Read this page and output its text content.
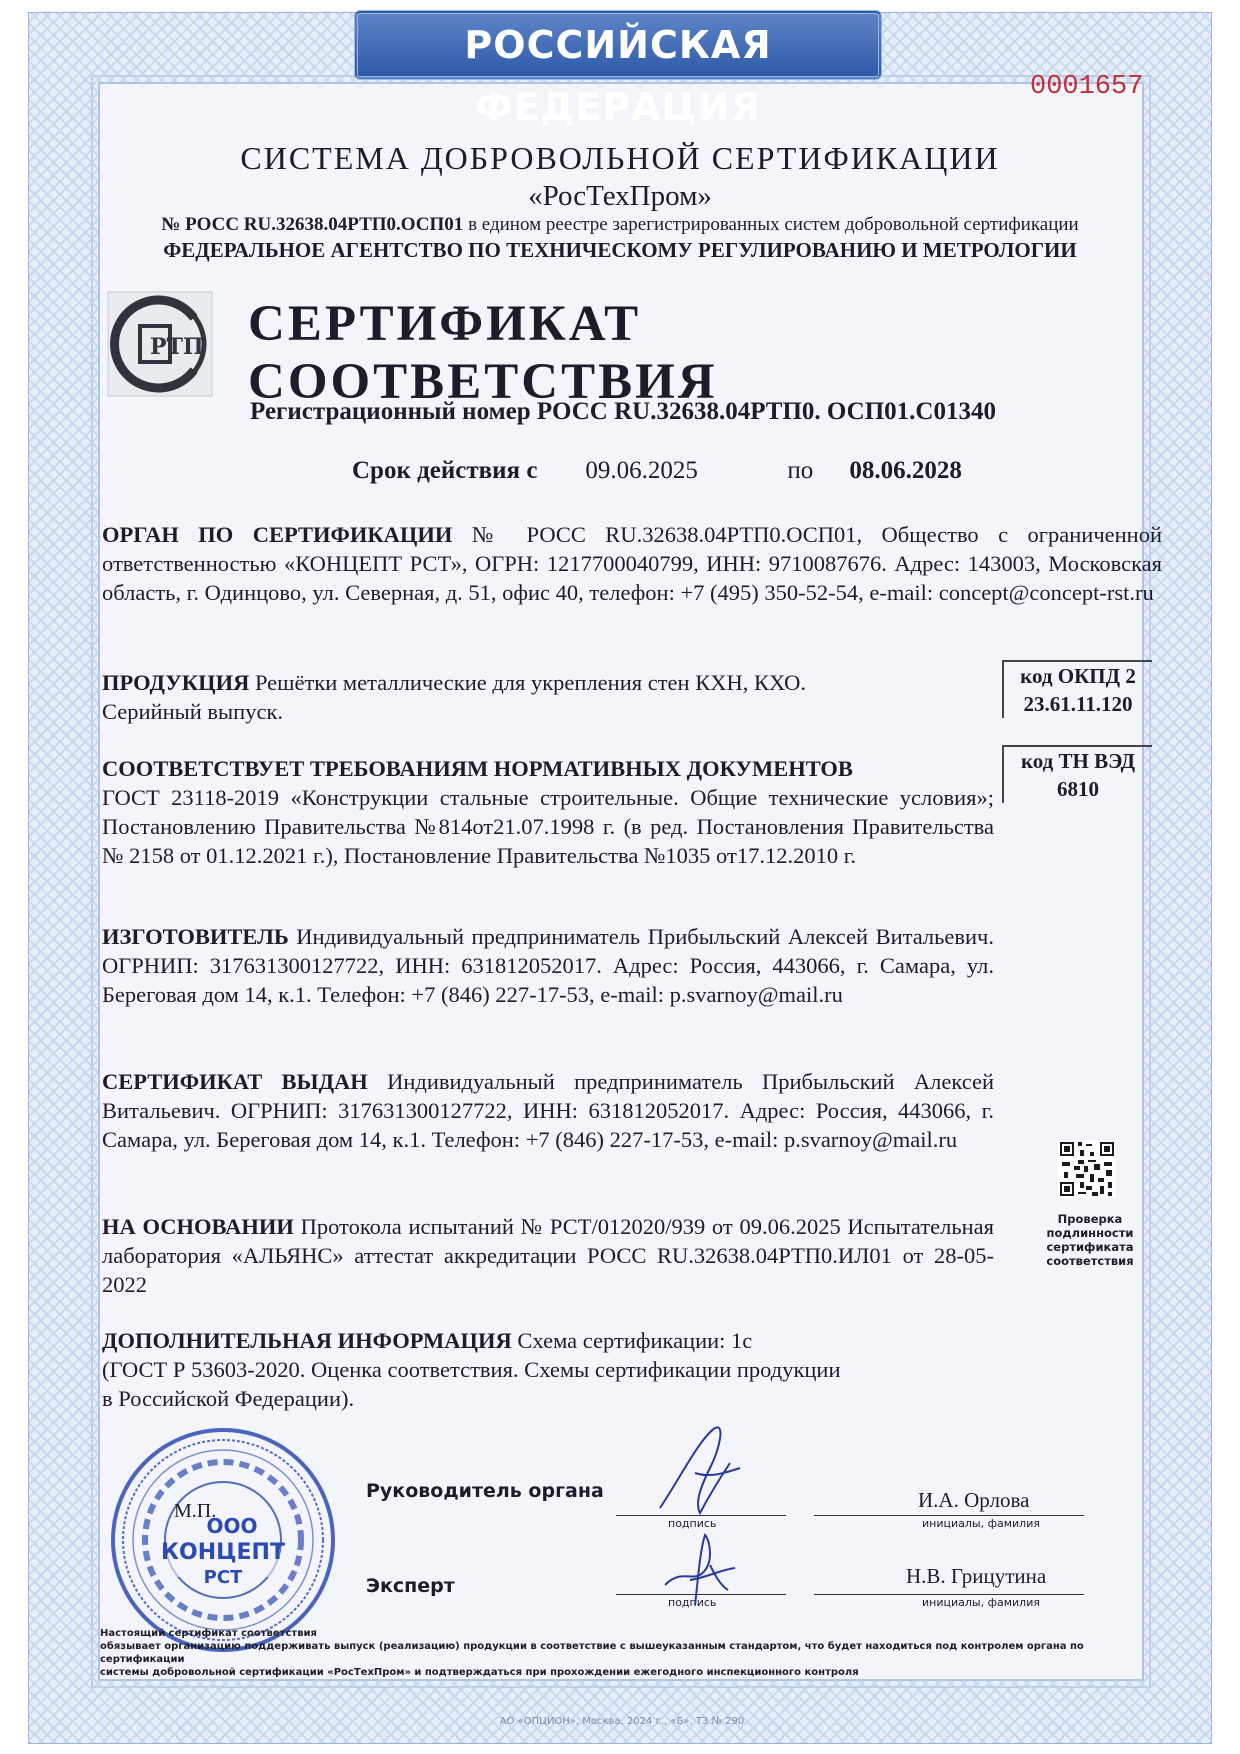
РОССИЙСКАЯ ФЕДЕРАЦИЯ	0001657
СИСТЕМА ДОБРОВОЛЬНОЙ СЕРТИФИКАЦИИ
«РосТехПром»
№ РОСС RU.32638.04РТП0.ОСП01 в едином реестре зарегистрированных систем добровольной сертификации
ФЕДЕРАЛЬНОЕ АГЕНТСТВО ПО ТЕХНИЧЕСКОМУ РЕГУЛИРОВАНИЮ И МЕТРОЛОГИИ
РТП СЕРТИФИКАТ СООТВЕТСТВИЯ
Регистрационный номер РОСС RU.32638.04РТП0. ОСП01.С01340
Срок действия с 09.06.2025	по 08.06.2028
ОРГАН ПО СЕРТИФИКАЦИИ № РОСС RU.32638.04РТП0.ОСП01, Общество с ограниченной ответственностью «КОНЦЕПТ РСТ», ОГРН: 1217700040799, ИНН: 9710087676. Адрес: 143003, Московская область, г. Одинцово, ул. Северная, д. 51, офис 40, телефон: +7 (495) 350-52-54, e-mail: concept@concept-rst.ru
ПРОДУКЦИЯ Решётки металлические для укрепления стен КХН, КХО.
Серийный выпуск.
код ОКПД 2
23.61.11.120
СООТВЕТСТВУЕТ ТРЕБОВАНИЯМ НОРМАТИВНЫХ ДОКУМЕНТОВ
ГОСТ 23118-2019 «Конструкции стальные строительные. Общие технические условия»; Постановлению Правительства №814от21.07.1998 г. (в ред. Постановления Правительства № 2158 от 01.12.2021 г.), Постановление Правительства №1035 от17.12.2010 г.
код ТН ВЭД
6810
ИЗГОТОВИТЕЛЬ Индивидуальный предприниматель Прибыльский Алексей Витальевич. ОГРНИП: 317631300127722, ИНН: 631812052017. Адрес: Россия, 443066, г. Самара, ул. Береговая дом 14, к.1. Телефон: +7 (846) 227-17-53, e-mail: p.svarnoy@mail.ru
СЕРТИФИКАТ ВЫДАН Индивидуальный предприниматель Прибыльский Алексей Витальевич. ОГРНИП: 317631300127722, ИНН: 631812052017. Адрес: Россия, 443066, г. Самара, ул. Береговая дом 14, к.1. Телефон: +7 (846) 227-17-53, e-mail: p.svarnoy@mail.ru
НА ОСНОВАНИИ Протокола испытаний № РСТ/012020/939 от 09.06.2025 Испытательная лаборатория «АЛЬЯНС» аттестат аккредитации РОСС RU.32638.04РТП0.ИЛ01 от 28-05-2022
ДОПОЛНИТЕЛЬНАЯ ИНФОРМАЦИЯ Схема сертификации: 1с
(ГОСТ Р 53603-2020. Оценка соответствия. Схемы сертификации продукции
в Российской Федерации).
Проверка
подлинности
сертификата
соответствия
ООО
КОНЦЕПТ
РСТ
М.П.
Руководитель органа
подпись
И.А. Орлова
инициалы, фамилия
Эксперт
подпись
Н.В. Грицутина
инициалы, фамилия
Настоящий сертификат соответствия
обязывает организацию поддерживать выпуск (реализацию) продукции в соответствие с вышеуказанным стандартом, что будет находиться под контролем органа по сертификации
системы добровольной сертификации «РосТехПром» и подтверждаться при прохождении ежегодного инспекционного контроля
АО «ОПЦИОН», Москва, 2024 г., «Б», ТЗ № 290
